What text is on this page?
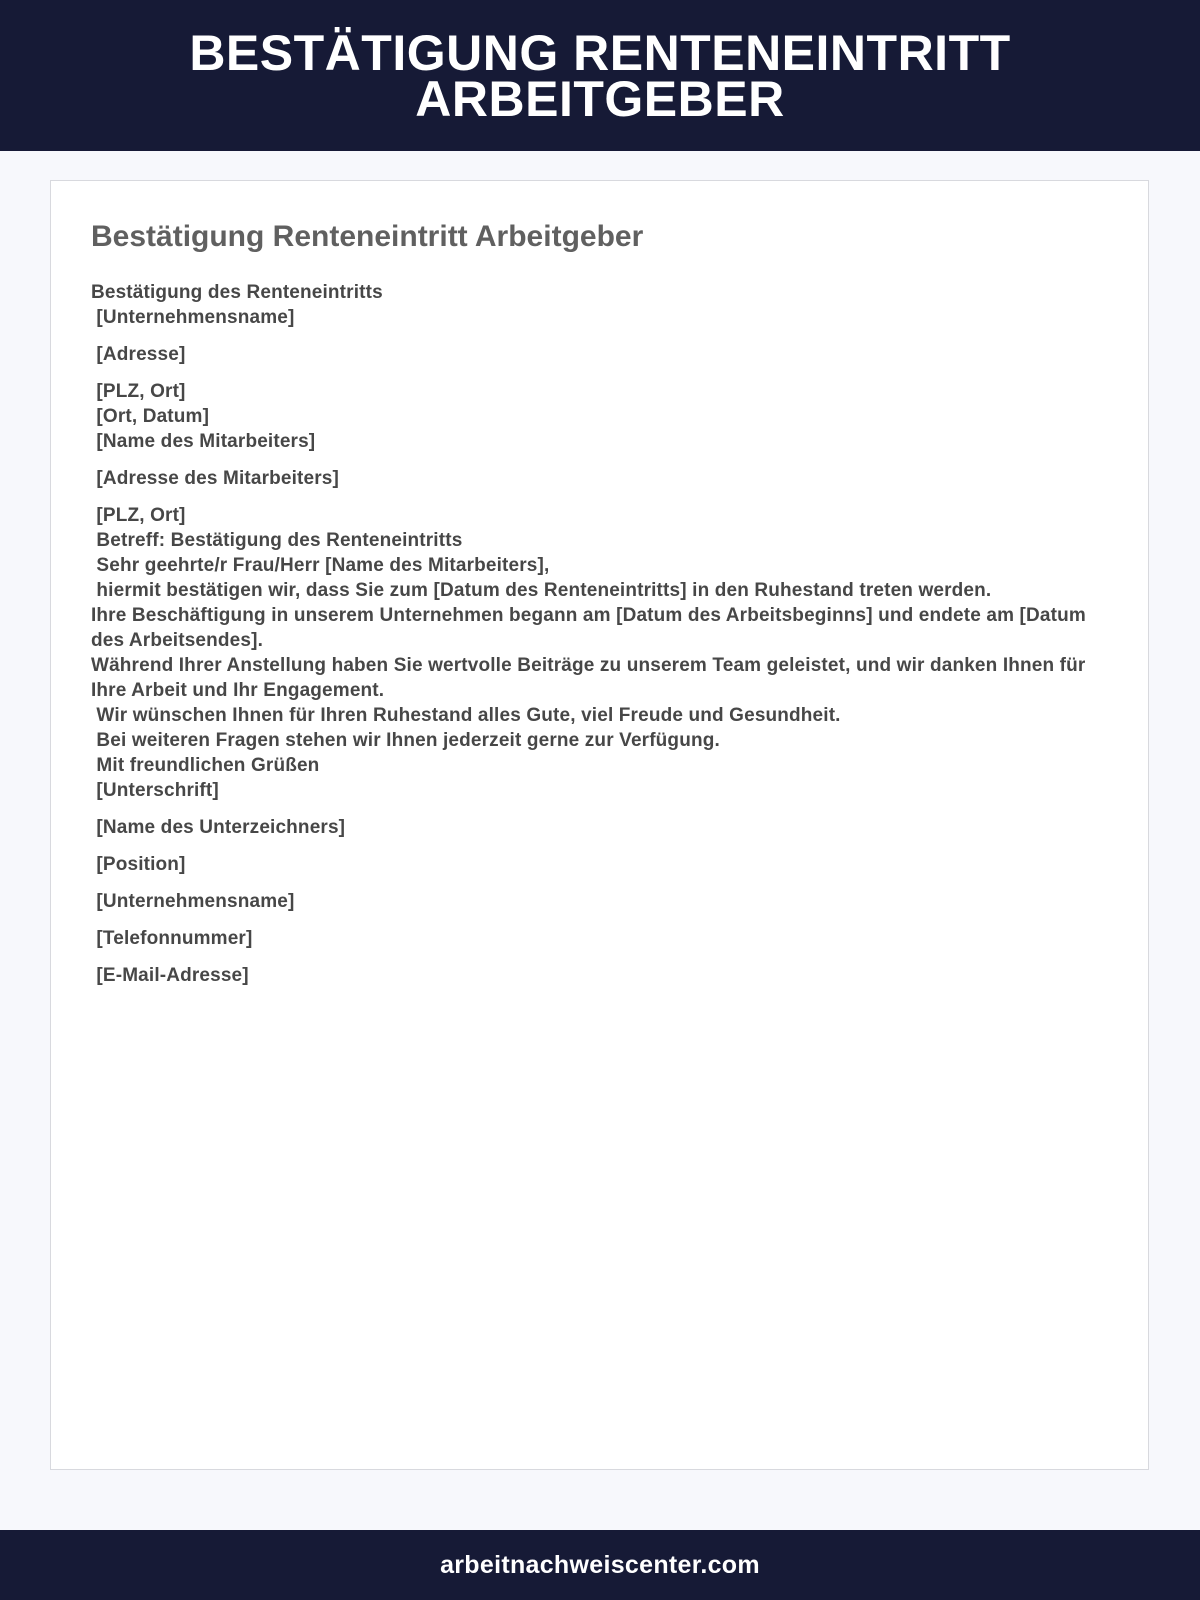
BESTÄTIGUNG RENTENEINTRITT ARBEITGEBER
Bestätigung Renteneintritt Arbeitgeber
Bestätigung des Renteneintritts
[Unternehmensname]
[Adresse]
[PLZ, Ort]
[Ort, Datum]
[Name des Mitarbeiters]
[Adresse des Mitarbeiters]
[PLZ, Ort]
Betreff: Bestätigung des Renteneintritts
Sehr geehrte/r Frau/Herr [Name des Mitarbeiters],
hiermit bestätigen wir, dass Sie zum [Datum des Renteneintritts] in den Ruhestand treten werden.
Ihre Beschäftigung in unserem Unternehmen begann am [Datum des Arbeitsbeginns] und endete am [Datum des Arbeitsendes].
Während Ihrer Anstellung haben Sie wertvolle Beiträge zu unserem Team geleistet, und wir danken Ihnen für Ihre Arbeit und Ihr Engagement.
Wir wünschen Ihnen für Ihren Ruhestand alles Gute, viel Freude und Gesundheit.
Bei weiteren Fragen stehen wir Ihnen jederzeit gerne zur Verfügung.
Mit freundlichen Grüßen
[Unterschrift]
[Name des Unterzeichners]
[Position]
[Unternehmensname]
[Telefonnummer]
[E-Mail-Adresse]
arbeitnachweiscenter.com
